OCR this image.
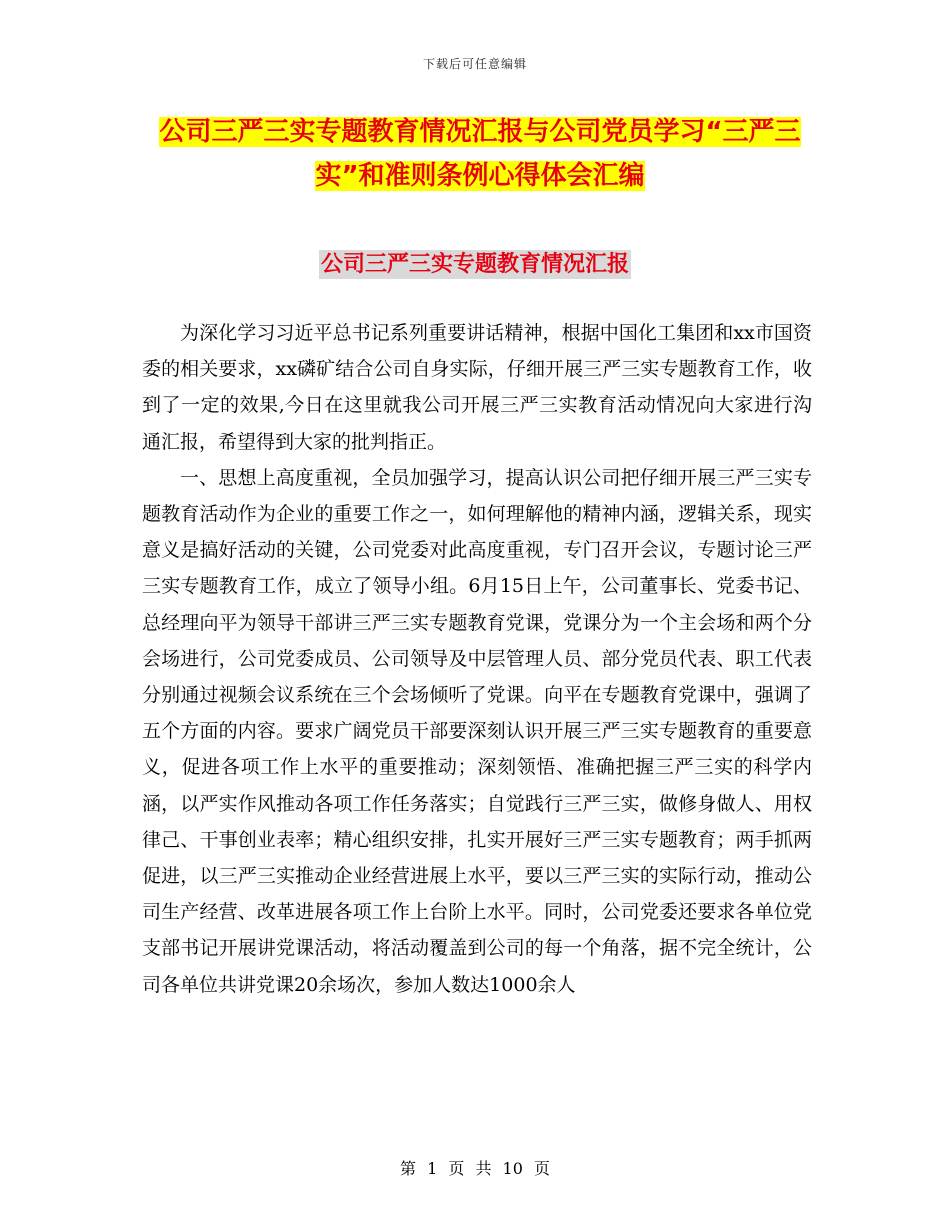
下载后可任意编辑
公司三严三实专题教育情况汇报与公司党员学习“三严三实”和准则条例心得体会汇编
公司三严三实专题教育情况汇报

为深化学习习近平总书记系列重要讲话精神，根据中国化工集团和xx市国资委的相关要求，xx磷矿结合公司自身实际，仔细开展三严三实专题教育工作，收到了一定的效果,今日在这里就我公司开展三严三实教育活动情况向大家进行沟通汇报，希望得到大家的批判指正。

一、思想上高度重视，全员加强学习，提高认识公司把仔细开展三严三实专题教育活动作为企业的重要工作之一，如何理解他的精神内涵，逻辑关系，现实意义是搞好活动的关键，公司党委对此高度重视，专门召开会议，专题讨论三严三实专题教育工作，成立了领导小组。6月15日上午，公司董事长、党委书记、总经理向平为领导干部讲三严三实专题教育党课，党课分为一个主会场和两个分会场进行，公司党委成员、公司领导及中层管理人员、部分党员代表、职工代表分别通过视频会议系统在三个会场倾听了党课。向平在专题教育党课中，强调了五个方面的内容。要求广阔党员干部要深刻认识开展三严三实专题教育的重要意义，促进各项工作上水平的重要推动；深刻领悟、准确把握三严三实的科学内涵，以严实作风推动各项工作任务落实；自觉践行三严三实，做修身做人、用权律己、干事创业表率；精心组织安排，扎实开展好三严三实专题教育；两手抓两促进，以三严三实推动企业经营进展上水平，要以三严三实的实际行动，推动公司生产经营、改革进展各项工作上台阶上水平。同时，公司党委还要求各单位党支部书记开展讲党课活动，将活动覆盖到公司的每一个角落，据不完全统计，公司各单位共讲党课20余场次，参加人数达1000余人

第 1 页 共 10 页
